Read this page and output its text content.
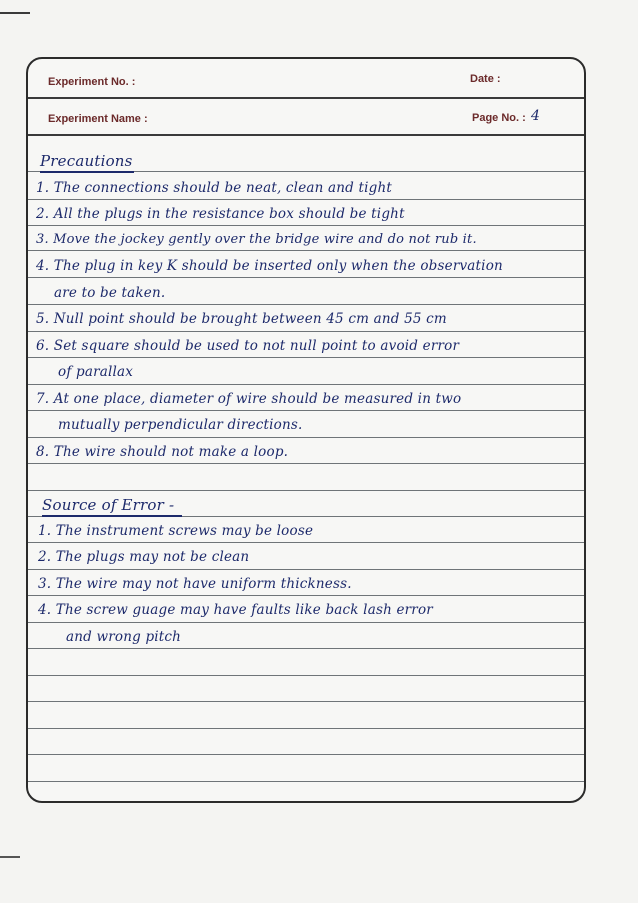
Experiment No. :	Date :
Experiment Name :	Page No. : 4
Precautions
1. The connections should be neat, clean and tight
2. All the plugs in the resistance box should be tight
3. Move the jockey gently over the bridge wire and do not rub it.
4. The plug in key K should be inserted only when the observation
are to be taken.
5. Null point should be brought between 45 cm and 55 cm
6. Set square should be used to not null point to avoid error
of parallax
7. At one place, diameter of wire should be measured in two
mutually perpendicular directions.
8. The wire should not make a loop.
Source of Error -
1. The instrument screws may be loose
2. The plugs may not be clean
3. The wire may not have uniform thickness.
4. The screw guage may have faults like back lash error
and wrong pitch
